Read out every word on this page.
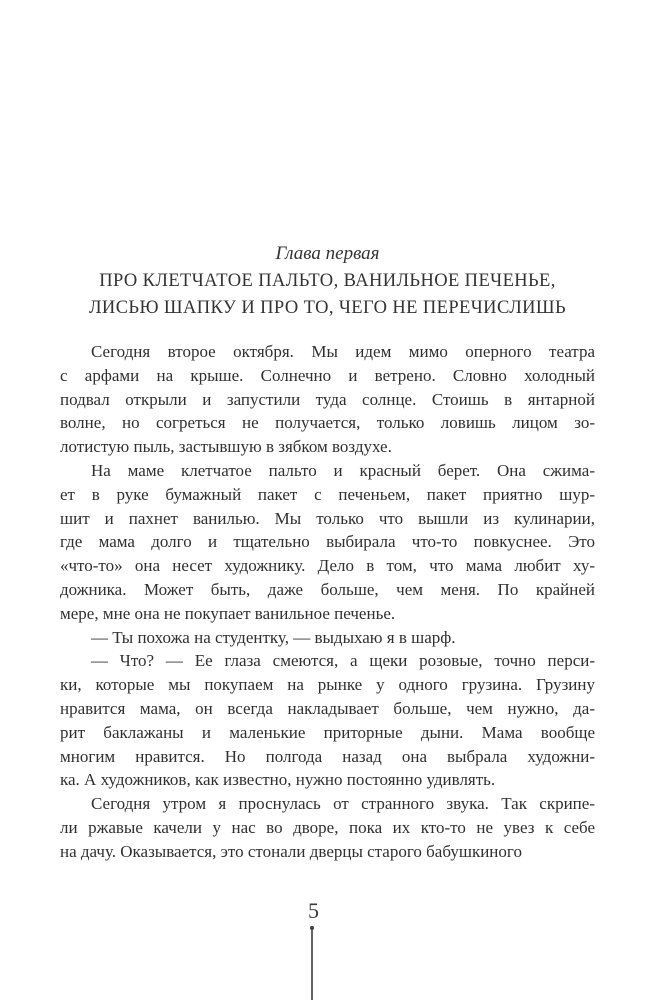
Глава первая
ПРО КЛЕТЧАТОЕ ПАЛЬТО, ВАНИЛЬНОЕ ПЕЧЕНЬЕ,
ЛИСЬЮ ШАПКУ И ПРО ТО, ЧЕГО НЕ ПЕРЕЧИСЛИШЬ
Сегодня второе октября. Мы идем мимо оперного театра
с арфами на крыше. Солнечно и ветрено. Словно холодный
подвал открыли и запустили туда солнце. Стоишь в янтарной
волне, но согреться не получается, только ловишь лицом зо-
лотистую пыль, застывшую в зябком воздухе.
На маме клетчатое пальто и красный берет. Она сжима-
ет в руке бумажный пакет с печеньем, пакет приятно шур-
шит и пахнет ванилью. Мы только что вышли из кулинарии,
где мама долго и тщательно выбирала что-то повкуснее. Это
«что-то» она несет художнику. Дело в том, что мама любит ху-
дожника. Может быть, даже больше, чем меня. По крайней
мере, мне она не покупает ванильное печенье.
— Ты похожа на студентку, — выдыхаю я в шарф.
— Что? — Ее глаза смеются, а щеки розовые, точно перси-
ки, которые мы покупаем на рынке у одного грузина. Грузину
нравится мама, он всегда накладывает больше, чем нужно, да-
рит баклажаны и маленькие приторные дыни. Мама вообще
многим нравится. Но полгода назад она выбрала художни-
ка. А художников, как известно, нужно постоянно удивлять.
Сегодня утром я проснулась от странного звука. Так скрипе-
ли ржавые качели у нас во дворе, пока их кто-то не увез к себе
на дачу. Оказывается, это стонали дверцы старого бабушкиного
5
